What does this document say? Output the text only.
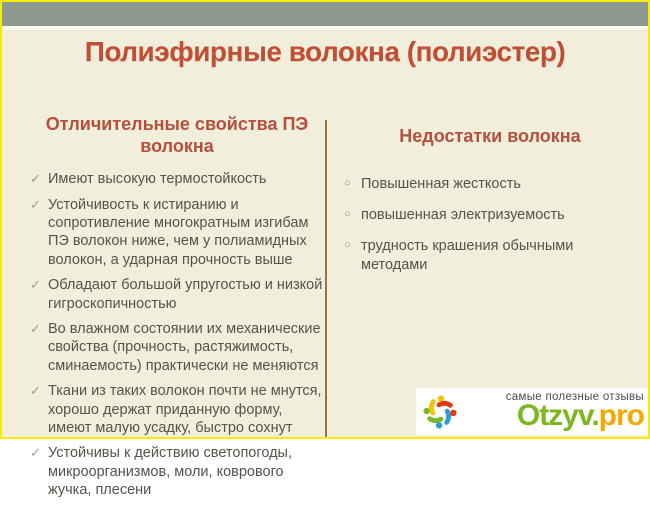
Полиэфирные волокна (полиэстер)
Отличительные свойства ПЭ волокна
✓ Имеют высокую термостойкость
✓ Устойчивость к истиранию и сопротивление многократным изгибам ПЭ волокон ниже, чем у полиамидных волокон, а ударная прочность выше
✓ Обладают большой упругостью и низкой гигроскопичностью
✓ Во влажном состоянии их механические свойства (прочность, растяжимость, сминаемость) практически не меняются
✓ Ткани из таких волокон почти не мнутся, хорошо держат приданную форму, имеют малую усадку, быстро сохнут
✓ Устойчивы к действию светопогоды, микроорганизмов, моли, коврового жучка, плесени
Недостатки волокна
○ Повышенная жесткость
○ повышенная электризуемость
○ трудность крашения обычными методами
самые полезные отзывы
Otzyv.pro
